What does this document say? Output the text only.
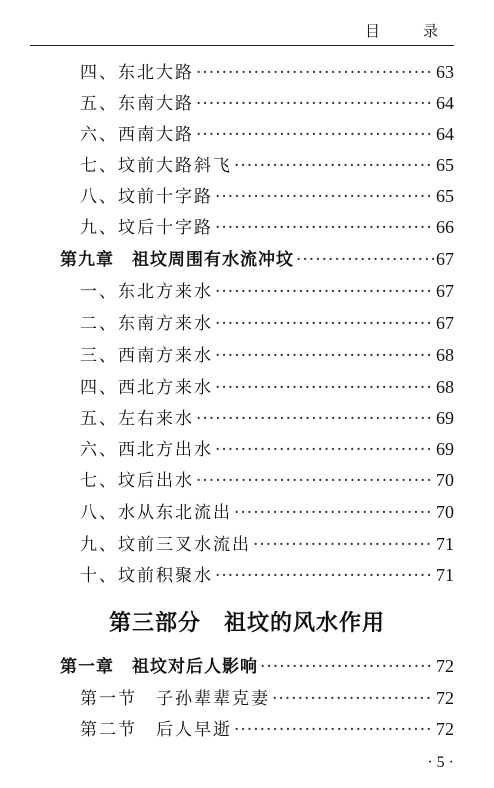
目　录
四、东北大路 ·····	63
五、东南大路 ·····	64
六、西南大路 ·····	64
七、坟前大路斜飞 ·····	65
八、坟前十字路 ·····	65
九、坟后十字路 ·····	66
第九章　祖坟周围有水流冲坟 ·····	67
一、东北方来水 ·····	67
二、东南方来水 ·····	67
三、西南方来水 ·····	68
四、西北方来水 ·····	68
五、左右来水 ·····	69
六、西北方出水 ·····	69
七、坟后出水 ·····	70
八、水从东北流出 ·····	70
九、坟前三叉水流出 ·····	71
十、坟前积聚水 ·····	71
第三部分　祖坟的风水作用
第一章　祖坟对后人影响 ·····	72
第一节　子孙辈辈克妻 ·····	72
第二节　后人早逝 ·····	72
· 5 ·
